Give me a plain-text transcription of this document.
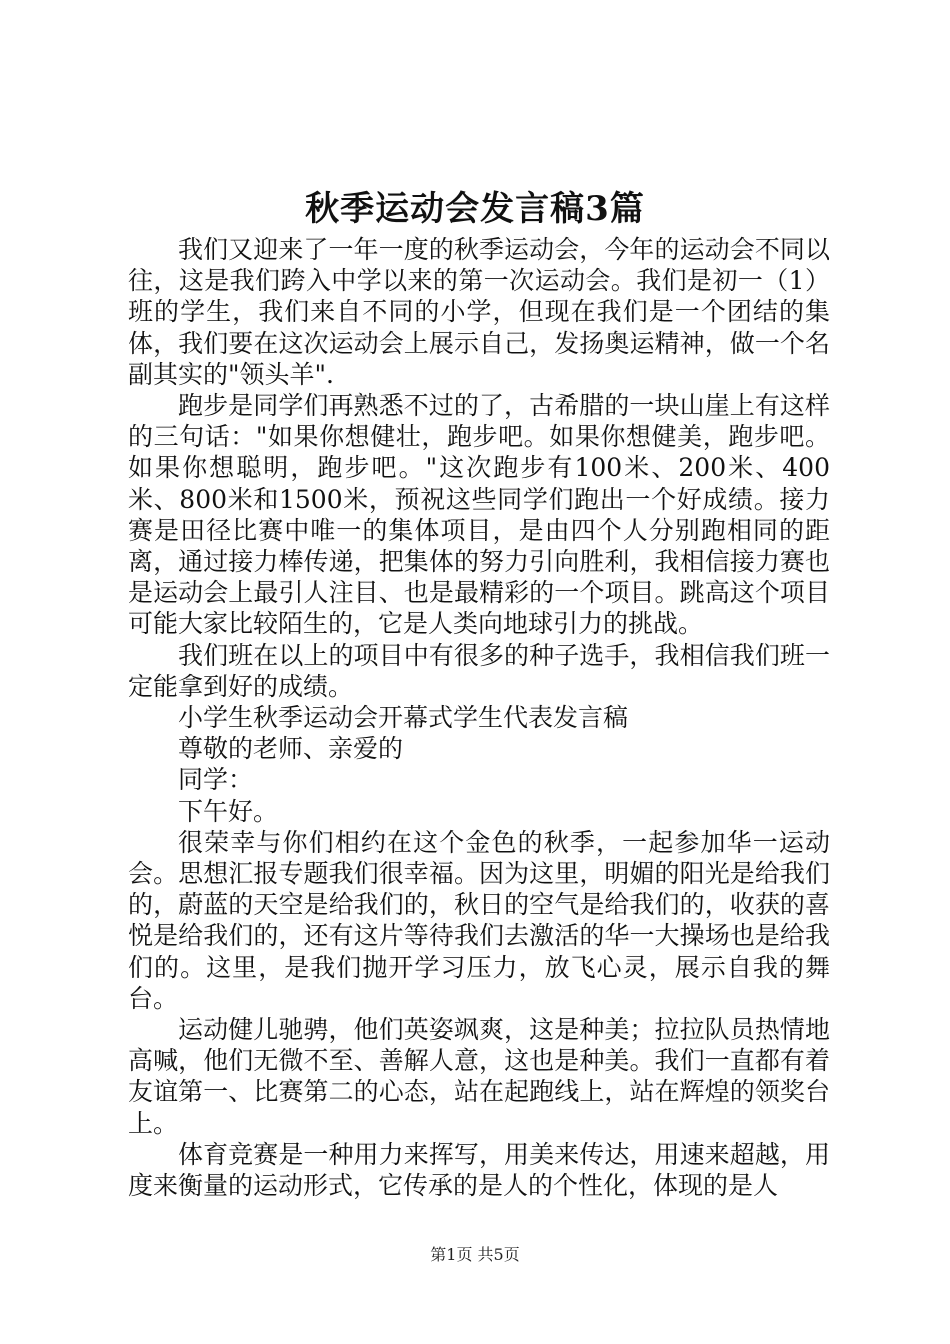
秋季运动会发言稿3篇

我们又迎来了一年一度的秋季运动会，今年的运动会不同以往，这是我们跨入中学以来的第一次运动会。我们是初一（1）班的学生，我们来自不同的小学，但现在我们是一个团结的集体，我们要在这次运动会上展示自己，发扬奥运精神，做一个名副其实的"领头羊".

跑步是同学们再熟悉不过的了，古希腊的一块山崖上有这样的三句话："如果你想健壮，跑步吧。如果你想健美，跑步吧。如果你想聪明，跑步吧。"这次跑步有100米、200米、400米、800米和1500米，预祝这些同学们跑出一个好成绩。接力赛是田径比赛中唯一的集体项目，是由四个人分别跑相同的距离，通过接力棒传递，把集体的努力引向胜利，我相信接力赛也是运动会上最引人注目、也是最精彩的一个项目。跳高这个项目可能大家比较陌生的，它是人类向地球引力的挑战。

我们班在以上的项目中有很多的种子选手，我相信我们班一定能拿到好的成绩。

小学生秋季运动会开幕式学生代表发言稿

尊敬的老师、亲爱的

同学：

下午好。

很荣幸与你们相约在这个金色的秋季，一起参加华一运动会。思想汇报专题我们很幸福。因为这里，明媚的阳光是给我们的，蔚蓝的天空是给我们的，秋日的空气是给我们的，收获的喜悦是给我们的，还有这片等待我们去激活的华一大操场也是给我们的。这里，是我们抛开学习压力，放飞心灵，展示自我的舞台。

运动健儿驰骋，他们英姿飒爽，这是种美；拉拉队员热情地高喊，他们无微不至、善解人意，这也是种美。我们一直都有着友谊第一、比赛第二的心态，站在起跑线上，站在辉煌的领奖台上。

体育竞赛是一种用力来挥写，用美来传达，用速来超越，用度来衡量的运动形式，它传承的是人的个性化，体现的是人

第1页 共5页
